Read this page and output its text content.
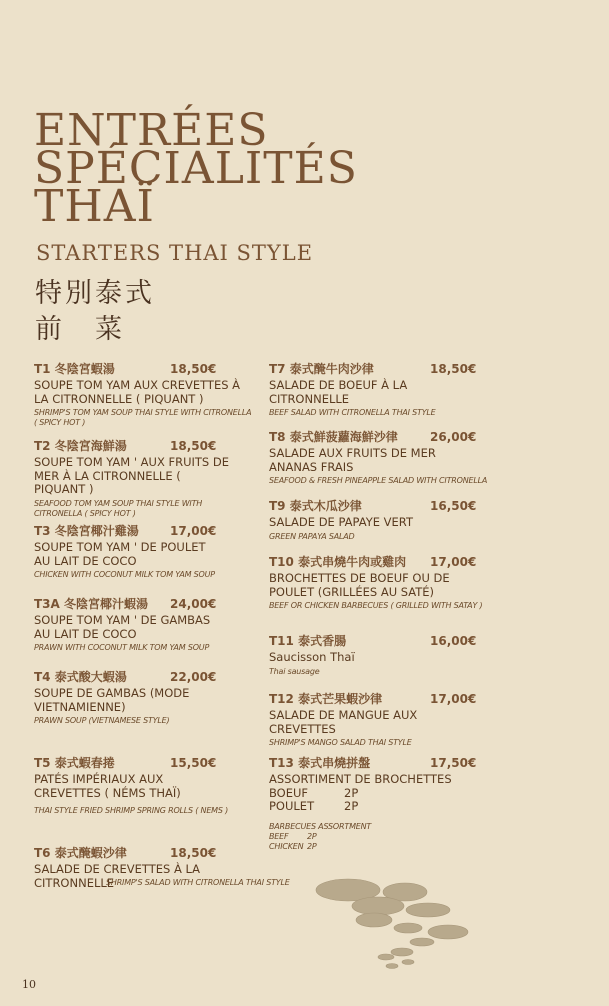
ENTRÉES
SPÉCIALITÉS
THAÏ
STARTERS THAI STYLE
特別泰式
前　菜
T1 冬陰宮蝦湯	18,50€
SOUPE TOM YAM AUX CREVETTES À LA CITRONNELLE ( PIQUANT )
SHRIMP'S TOM YAM SOUP THAI STYLE WITH CITRONELLA ( SPICY HOT )
T2 冬陰宮海鮮湯	18,50€
SOUPE TOM YAM ' AUX FRUITS DE MER À LA CITRONNELLE ( PIQUANT )
SEAFOOD TOM YAM SOUP THAI STYLE WITH CITRONELLA ( SPICY HOT )
T3 冬陰宮椰汁雞湯	17,00€
SOUPE TOM YAM ' DE POULET AU LAIT DE COCO
CHICKEN WITH COCONUT MILK TOM YAM SOUP
T3A 冬陰宮椰汁蝦湯 24,00€
SOUPE TOM YAM ' DE GAMBAS AU LAIT DE COCO
PRAWN WITH COCONUT MILK TOM YAM SOUP
T4 泰式酸大蝦湯	22,00€
SOUPE DE GAMBAS (MODE VIETNAMIENNE)
PRAWN SOUP (VIETNAMESE STYLE)
T5 泰式蝦春捲	15,50€
PATÉS IMPÉRIAUX AUX CREVETTES ( NÉMS THAÏ)
THAI STYLE FRIED SHRIMP SPRING ROLLS ( NEMS )
T6 泰式醃蝦沙律	18,50€
SALADE DE CREVETTES À LA CITRONNELLE
SHRIMP'S SALAD WITH CITRONELLA THAI STYLE
T7 泰式醃牛肉沙律	18,50€
SALADE DE BOEUF À LA CITRONNELLE
BEEF SALAD WITH CITRONELLA THAI STYLE
T8 泰式鮮菠蘿海鮮沙律	26,00€
SALADE AUX FRUITS DE MER ANANAS FRAIS
SEAFOOD & FRESH PINEAPPLE SALAD WITH CITRONELLA
T9 泰式木瓜沙律	16,50€
SALADE DE PAPAYE VERT
GREEN PAPAYA SALAD
T10 泰式串燒牛肉或雞肉 17,00€
BROCHETTES DE BOEUF OU DE POULET (GRILLÉES AU SATÉ)
BEEF OR CHICKEN BARBECUES ( GRILLED WITH SATAY )
T11 泰式香腸	16,00€
Saucisson Thaï
Thai sausage
T12 泰式芒果蝦沙律	17,00€
SALADE DE MANGUE AUX CREVETTES
SHRIMP'S MANGO SALAD THAI STYLE
T13 泰式串燒拼盤	17,50€
ASSORTIMENT DE BROCHETTES
BOEUF	2P
POULET	2P
BARBECUES ASSORTMENT
BEEF 2P
CHICKEN 2P
10
